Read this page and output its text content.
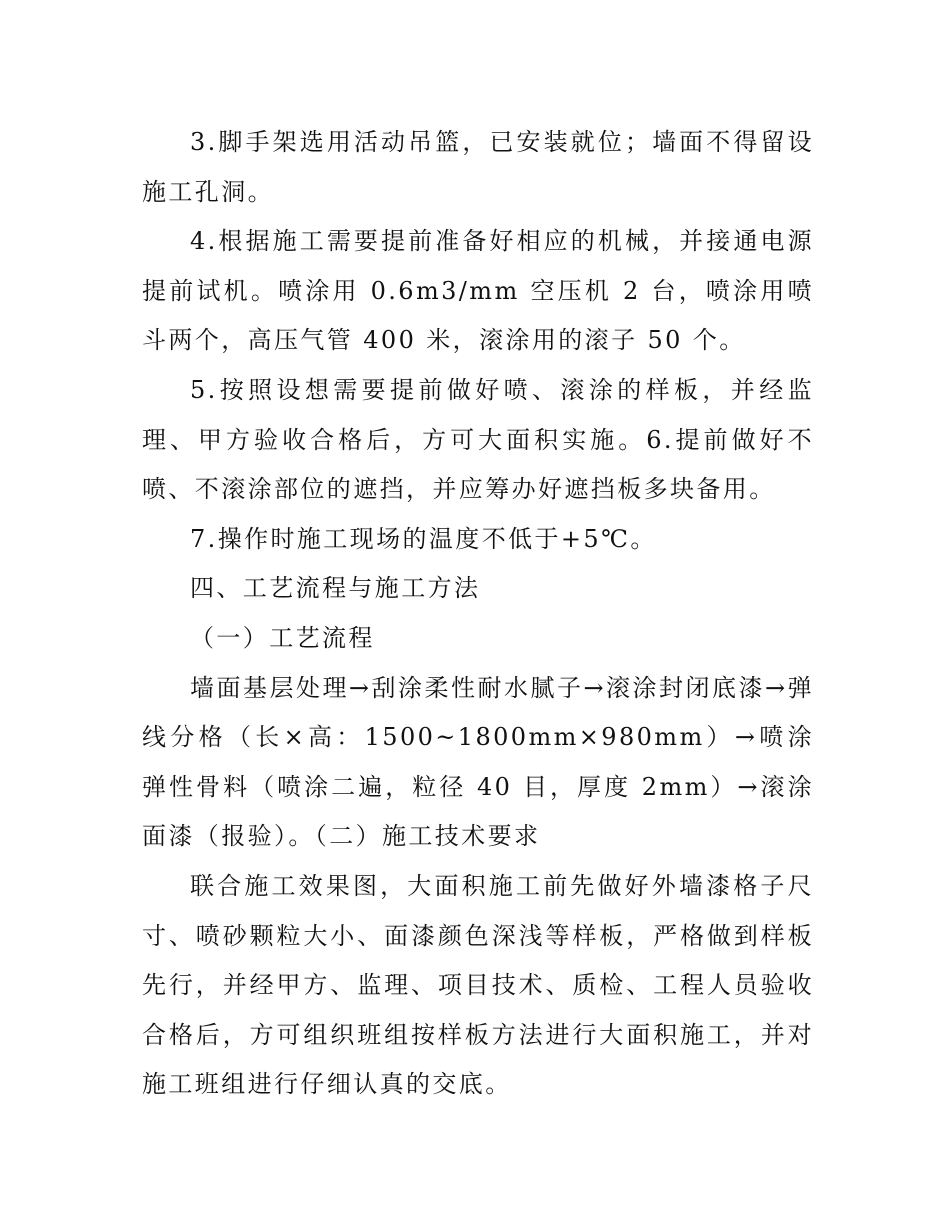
3.脚手架选用活动吊篮，已安装就位；墙面不得留设施工孔洞。

4.根据施工需要提前准备好相应的机械，并接通电源提前试机。喷涂用 0.6m3/mm 空压机 2 台，喷涂用喷斗两个，高压气管 400 米，滚涂用的滚子 50 个。

5.按照设想需要提前做好喷、滚涂的样板，并经监理、甲方验收合格后，方可大面积实施。6.提前做好不喷、不滚涂部位的遮挡，并应筹办好遮挡板多块备用。

7.操作时施工现场的温度不低于+5℃。

四、工艺流程与施工方法

（一）工艺流程

墙面基层处理→刮涂柔性耐水腻子→滚涂封闭底漆→弹线分格（长×高：1500~1800mm×980mm）→喷涂弹性骨料（喷涂二遍，粒径 40 目，厚度 2mm）→滚涂面漆（报验）。（二）施工技术要求

联合施工效果图，大面积施工前先做好外墙漆格子尺寸、喷砂颗粒大小、面漆颜色深浅等样板，严格做到样板先行，并经甲方、监理、项目技术、质检、工程人员验收合格后，方可组织班组按样板方法进行大面积施工，并对施工班组进行仔细认真的交底。
